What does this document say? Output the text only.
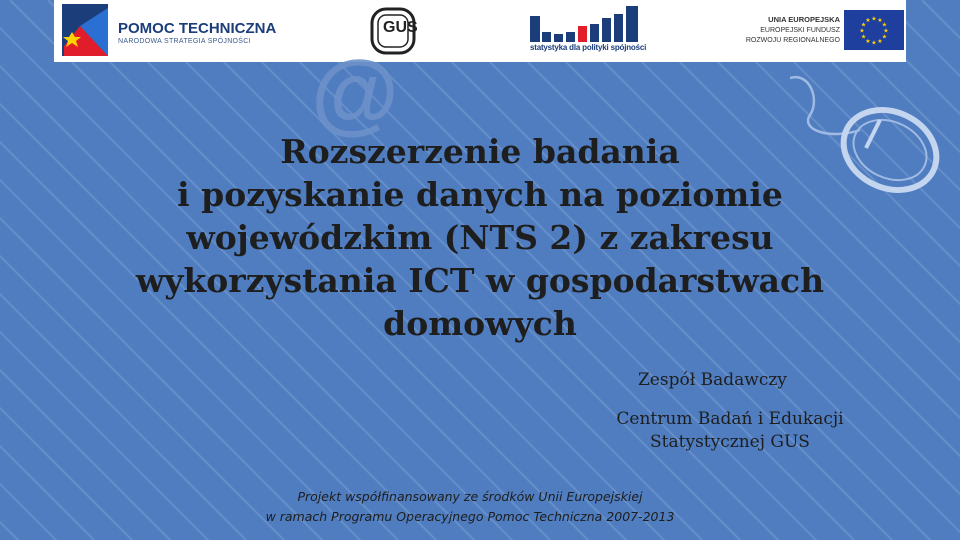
POMOC TECHNICZNA
NARODOWA STRATEGIA SPÓJNOŚCI
GUS
statystyka dla polityki spójności
UNIA EUROPEJSKA
EUROPEJSKI FUNDUSZ
ROZWOJU REGIONALNEGO
★
★
★
★
★
★
★
★
★ ★ ★
★
@
Rozszerzenie badania
i pozyskanie danych na poziomie
wojewódzkim (NTS 2) z zakresu
wykorzystania ICT w gospodarstwach
domowych
Zespół Badawczy
Centrum Badań i Edukacji
Statystycznej GUS
Projekt współfinansowany ze środków Unii Europejskiej
w ramach Programu Operacyjnego Pomoc Techniczna 2007-2013
